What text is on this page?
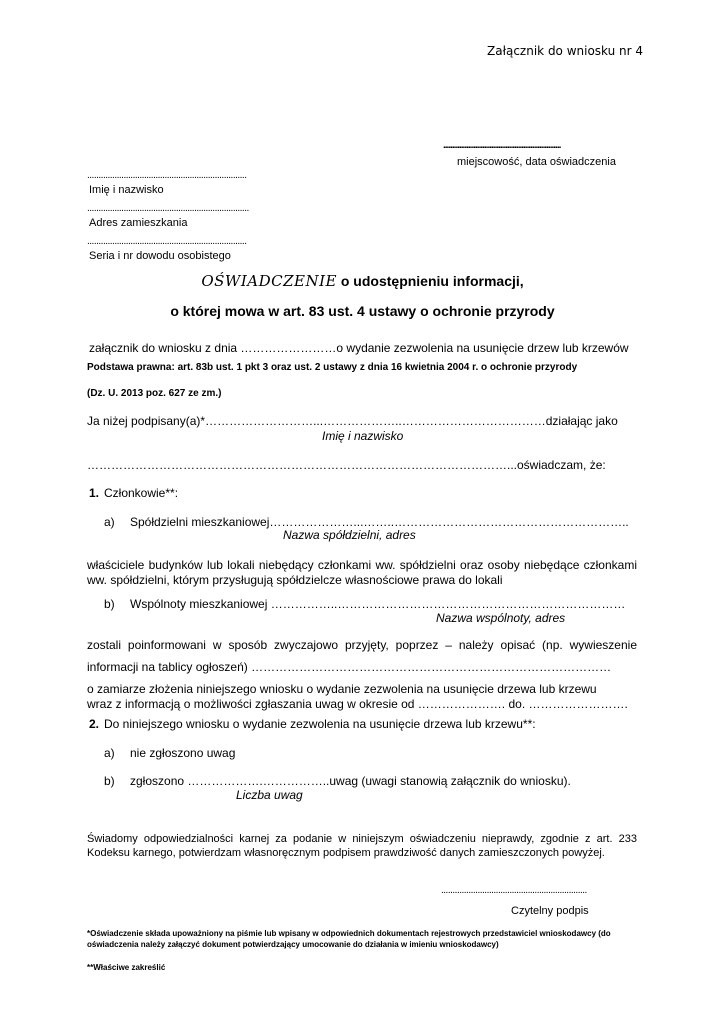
Załącznik do wniosku nr 4
..................................................................
miejscowość, data oświadczenia
......................................................................
Imię i nazwisko
.......................................................................
Adres zamieszkania
......................................................................
Seria i nr dowodu osobistego
OŚWIADCZENIE o udostępnieniu informacji,
o której mowa w art. 83 ust. 4 ustawy o ochronie przyrody
załącznik do wniosku z dnia ……………………o wydanie zezwolenia na usunięcie drzew lub krzewów
Podstawa prawna: art. 83b ust. 1 pkt 3 oraz ust. 2 ustawy z dnia 16 kwietnia 2004 r. o ochronie przyrody
(Dz. U. 2013 poz. 627 ze zm.)
Ja niżej podpisany(a)*………………………...………………..………………………………działając jako
Imię i nazwisko
……………………………………………………………………………………………...oświadczam, że:
1. Członkowie**:
a) Spółdzielni mieszkaniowej…………………...……..…………………………………………………..
Nazwa spółdzielni, adres
właściciele budynków lub lokali niebędący członkami ww. spółdzielni oraz osoby niebędące członkami ww. spółdzielni, którym przysługują spółdzielcze własnościowe prawa do lokali
b) Wspólnoty mieszkaniowej ……………..………………………………………………………………
Nazwa wspólnoty, adres
zostali poinformowani w sposób zwyczajowo przyjęty, poprzez – należy opisać (np. wywieszenie
informacji na tablicy ogłoszeń) ………………………………………………………………………………
o zamiarze złożenia niniejszego wniosku o wydanie zezwolenia na usunięcie drzewa lub krzewu
wraz z informacją o możliwości zgłaszania uwag w okresie od …………………. do. …………………….
2. Do niniejszego wniosku o wydanie zezwolenia na usunięcie drzewa lub krzewu**:
a) nie zgłoszono uwag
b) zgłoszono ……………….……………..uwag (uwagi stanowią załącznik do wniosku).
Liczba uwag
Świadomy odpowiedzialności karnej za podanie w niniejszym oświadczeniu nieprawdy, zgodnie z art. 233 Kodeksu karnego, potwierdzam własnoręcznym podpisem prawdziwość danych zamieszczonych powyżej.
................................................................
Czytelny podpis
*Oświadczenie składa upoważniony na piśmie lub wpisany w odpowiednich dokumentach rejestrowych przedstawiciel wnioskodawcy (do oświadczenia należy załączyć dokument potwierdzający umocowanie do działania w imieniu wnioskodawcy)
**Właściwe zakreślić
